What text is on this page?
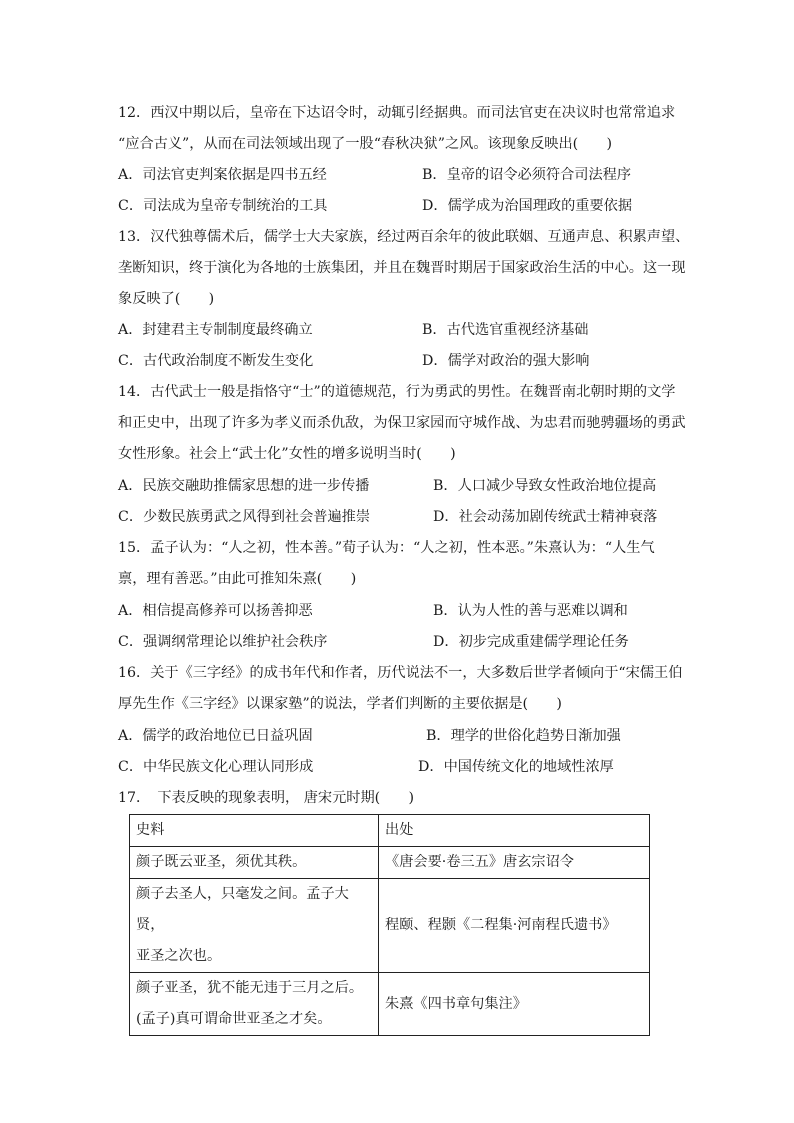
12．西汉中期以后，皇帝在下达诏令时，动辄引经据典。而司法官吏在决议时也常常追求
“应合古义”，从而在司法领域出现了一股“春秋决狱”之风。该现象反映出(　　)
A．司法官吏判案依据是四书五经	B．皇帝的诏令必须符合司法程序
C．司法成为皇帝专制统治的工具	D．儒学成为治国理政的重要依据
13．汉代独尊儒术后，儒学士大夫家族，经过两百余年的彼此联姻、互通声息、积累声望、
垄断知识，终于演化为各地的士族集团，并且在魏晋时期居于国家政治生活的中心。这一现
象反映了(　　)
A．封建君主专制制度最终确立	B．古代选官重视经济基础
C．古代政治制度不断发生变化	D．儒学对政治的强大影响
14．古代武士一般是指恪守“士”的道德规范，行为勇武的男性。在魏晋南北朝时期的文学
和正史中，出现了许多为孝义而杀仇敌，为保卫家园而守城作战、为忠君而驰骋疆场的勇武
女性形象。社会上“武士化”女性的增多说明当时(　　)
A．民族交融助推儒家思想的进一步传播	B．人口减少导致女性政治地位提高
C．少数民族勇武之风得到社会普遍推崇	D．社会动荡加剧传统武士精神衰落
15．孟子认为：“人之初，性本善。”荀子认为：“人之初，性本恶。”朱熹认为：“人生气
禀，理有善恶。”由此可推知朱熹(　　)
A．相信提高修养可以扬善抑恶	B．认为人性的善与恶难以调和
C．强调纲常理论以维护社会秩序	D．初步完成重建儒学理论任务
16．关于《三字经》的成书年代和作者，历代说法不一，大多数后世学者倾向于“宋儒王伯
厚先生作《三字经》以课家塾”的说法，学者们判断的主要依据是(　　)
A．儒学的政治地位已日益巩固	B．理学的世俗化趋势日渐加强
C．中华民族文化心理认同形成	D．中国传统文化的地域性浓厚
17．　下表反映的现象表明， 唐宋元时期(　　)
史料	出处

颜子既云亚圣，须优其秩。	《唐会要·卷三五》唐玄宗诏令

颜子去圣人，只毫发之间。孟子大贤，
亚圣之次也。	程颐、程颢《二程集·河南程氏遗书》

颜子亚圣，犹不能无违于三月之后。
(孟子)真可谓命世亚圣之才矣。	朱熹《四书章句集注》
